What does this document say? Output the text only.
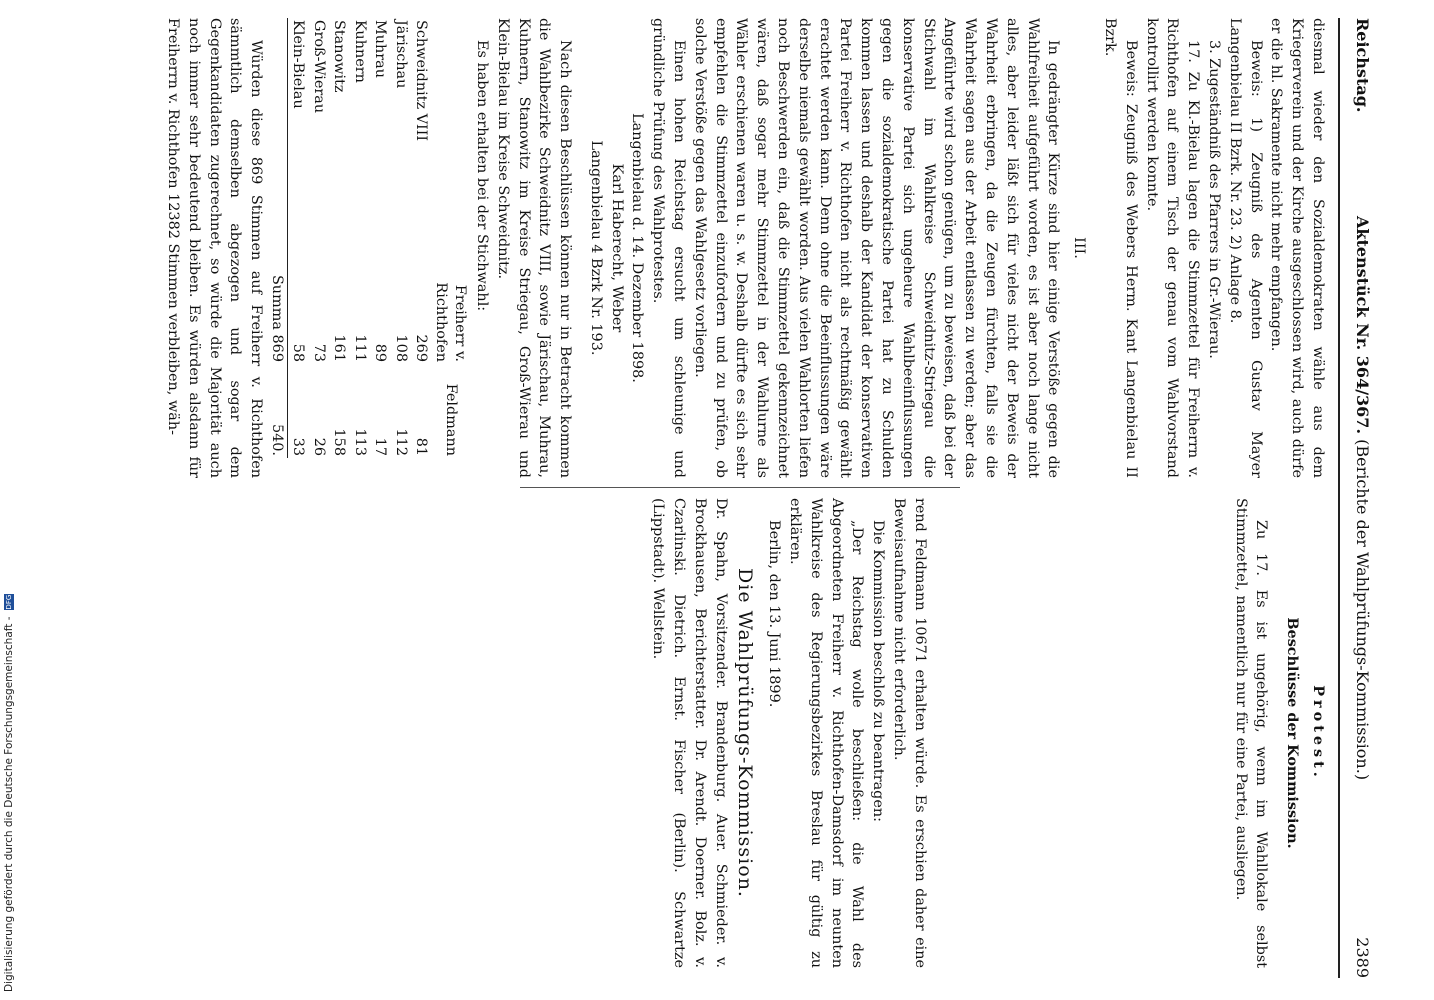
Reichstag.
Aktenstück Nr. 364/367. (Berichte der Wahlprüfungs-Kommission.)
2389

diesmal wieder den Sozialdemokraten wähle aus dem Kriegerverein und der Kirche ausgeschlossen wird, auch dürfe er die hl. Sakramente nicht mehr empfangen.

Beweis: 1) Zeugniß des Agenten Gustav Mayer Langenbielau II Bzrk. Nr. 23. 2) Anlage 8.

3. Zugeständniß des Pfarrers in Gr.-Wierau.

17. Zu Kl.-Bielau lagen die Stimmzettel für Freiherrn v. Richthofen auf einem Tisch der genau vom Wahlvorstand kontrollirt werden konnte.

Beweis: Zeugniß des Webers Herm. Kant Langenbielau II Bzrk.

III.

In gedrängter Kürze sind hier einige Verstöße gegen die Wahlfreiheit aufgeführt worden, es ist aber noch lange nicht alles, aber leider läßt sich für vieles nicht der Beweis der Wahrheit erbringen, da die Zeugen fürchten, falls sie die Wahrheit sagen aus der Arbeit entlassen zu werden; aber das Angeführte wird schon genügen, um zu beweisen, daß bei der Stichwahl im Wahlkreise Schweidnitz-Striegau die konservative Partei sich ungeheure Wahlbeeinflussungen gegen die sozialdemokratische Partei hat zu Schulden kommen lassen und deshalb der Kandidat der konservativen Partei Freiherr v. Richthofen nicht als rechtmäßig gewählt erachtet werden kann. Denn ohne die Beeinflussungen wäre derselbe niemals gewählt worden. Aus vielen Wahlorten liefen noch Beschwerden ein, daß die Stimmzettel gekennzeichnet wären, daß sogar mehr Stimmzettel in der Wahlurne als Wähler erschienen waren u. s. w. Deshalb dürfte es sich sehr empfehlen die Stimmzettel einzufordern und zu prüfen, ob solche Verstöße gegen das Wahlgesetz vorliegen.

Einen hohen Reichstag ersucht um schleunige und gründliche Prüfung des Wahlprotestes.

Langenbielau d. 14. Dezember 1898.

Karl Haberecht, Weber

Langenbielau 4 Bzrk Nr. 193.

Nach diesen Beschlüssen können nur in Betracht kommen die Wahlbezirke Schweidnitz VIII, sowie Järischau, Muhrau, Kuhnern, Stanowitz im Kreise Striegau, Groß-Wierau und Klein-Bielau im Kreise Schweidnitz.

Es haben erhalten bei der Stichwahl:

	Freiherr v. Richthofen	Feldmann
Schweidnitz VIII	269	81
Järischau	108	112
Muhrau	89	17
Kuhnern	111	113
Stanowitz	161	158
Groß-Wierau	73	26
Klein-Bielau	58	33
	Summa 869	540.

Würden diese 869 Stimmen auf Freiherr v. Richthofen sämmtlich demselben abgezogen und sogar dem Gegenkandidaten zugerechnet, so würde die Majorität auch noch immer sehr bedeutend bleiben. Es würden alsdann für Freiherrn v. Richthofen 12382 Stimmen verbleiben, wäh-

Protest.

Beschlüsse der Kommission.

Zu 17. Es ist ungehörig, wenn im Wahllokale selbst Stimmzettel, namentlich nur für eine Partei, ausliegen.

rend Feldmann 10671 erhalten würde. Es erschien daher eine Beweisaufnahme nicht erforderlich.

Die Kommission beschloß zu beantragen:

„Der Reichstag wolle beschließen: die Wahl des Abgeordneten Freiherr v. Richthofen-Damsdorf im neunten Wahlkreise des Regierungsbezirkes Breslau für gültig zu erklären.

Berlin, den 13. Juni 1899.

Die Wahlprüfungs-Kommission.

Dr. Spahn, Vorsitzender. Brandenburg. Auer. Schmieder. v. Brockhausen, Berichterstatter. Dr. Arendt. Doerner. Bolz. v. Czarlinski. Dietrich. Ernst. Fischer (Berlin). Schwartze (Lippstadt). Wellstein.

Digitalisierung gefördert durch die Deutsche Forschungsgemeinschaft - DFG
